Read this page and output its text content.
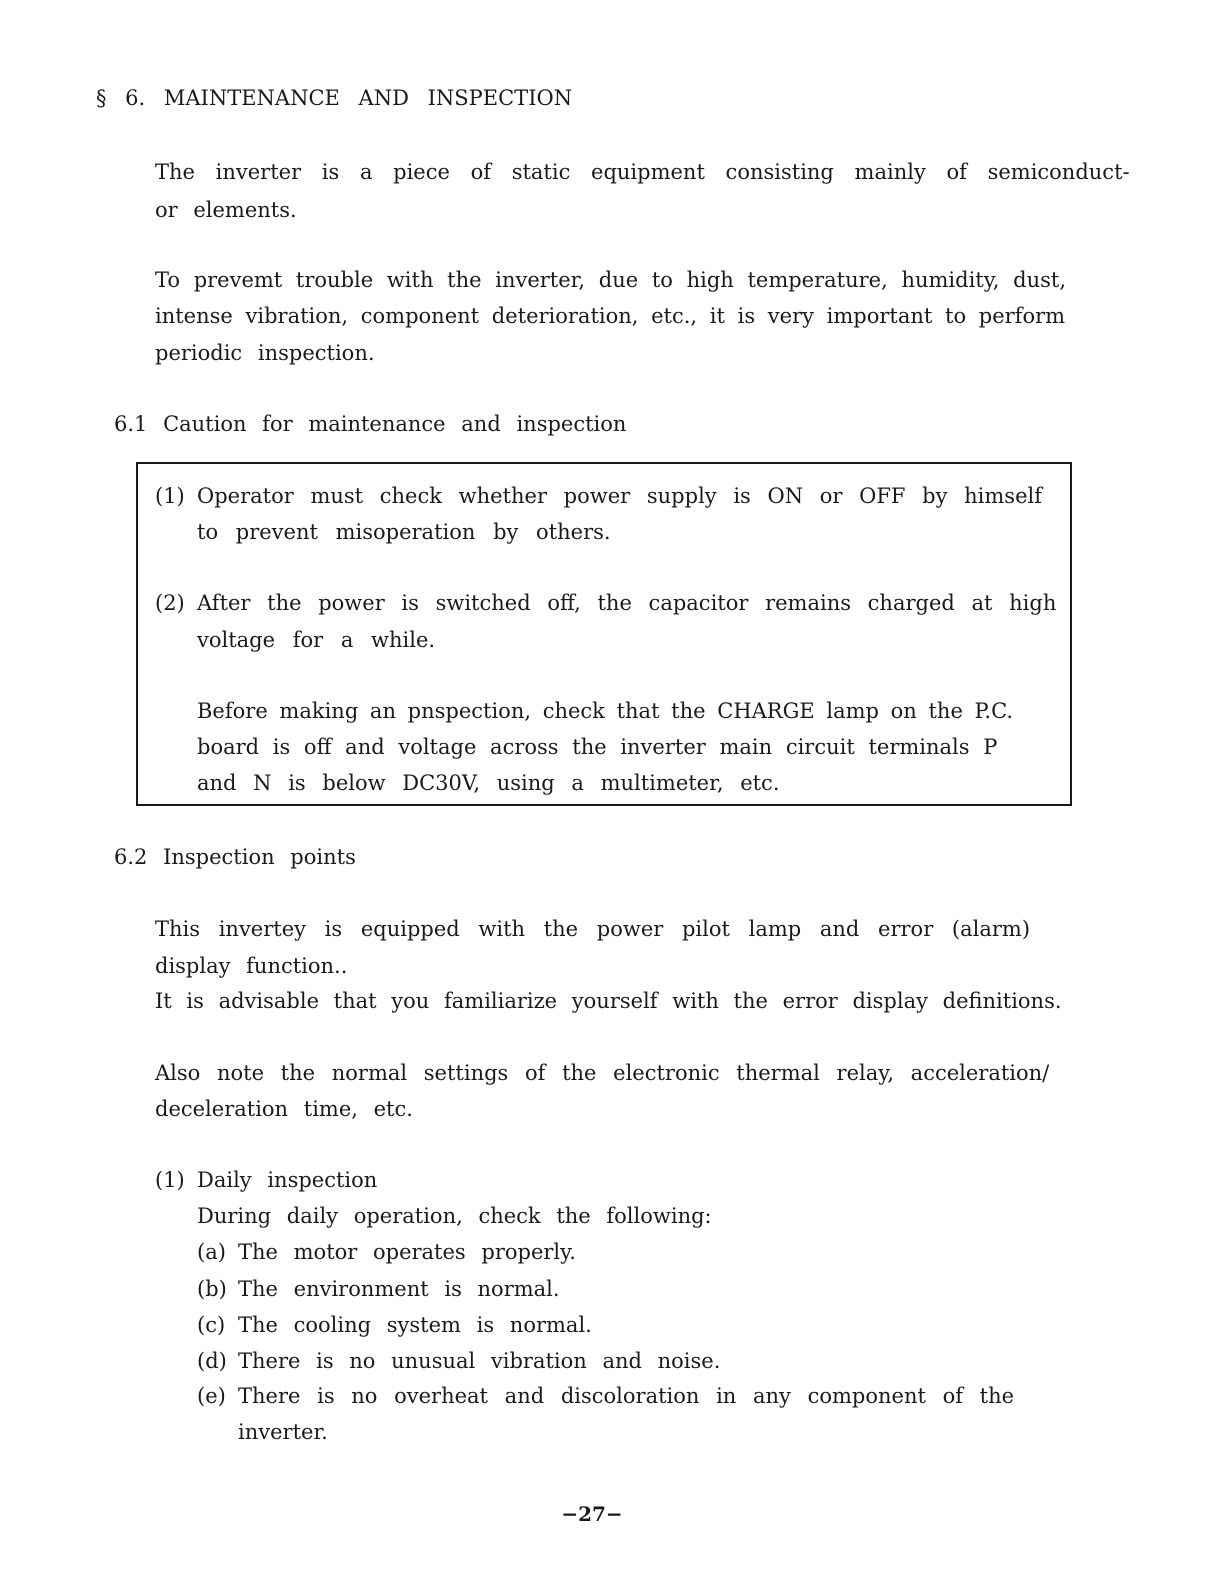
§ 6. MAINTENANCE AND INSPECTION
The inverter is a piece of static equipment consisting mainly of semiconduct-
or elements.
To prevemt trouble with the inverter, due to high temperature, humidity, dust,
intense vibration, component deterioration, etc., it is very important to perform
periodic inspection.
6.1 Caution for maintenance and inspection
(1) Operator must check whether power supply is ON or OFF by himself
to prevent misoperation by others.
(2) After the power is switched off, the capacitor remains charged at high
voltage for a while.
Before making an pnspection, check that the CHARGE lamp on the P.C.
board is off and voltage across the inverter main circuit terminals P
and N is below DC30V, using a multimeter, etc.
6.2 Inspection points
This invertey is equipped with the power pilot lamp and error (alarm)
display function..
It is advisable that you familiarize yourself with the error display definitions.
Also note the normal settings of the electronic thermal relay, acceleration/
deceleration time, etc.
(1) Daily inspection
During daily operation, check the following:
(a) The motor operates properly.
(b) The environment is normal.
(c) The cooling system is normal.
(d) There is no unusual vibration and noise.
(e) There is no overheat and discoloration in any component of the
inverter.
−27−
